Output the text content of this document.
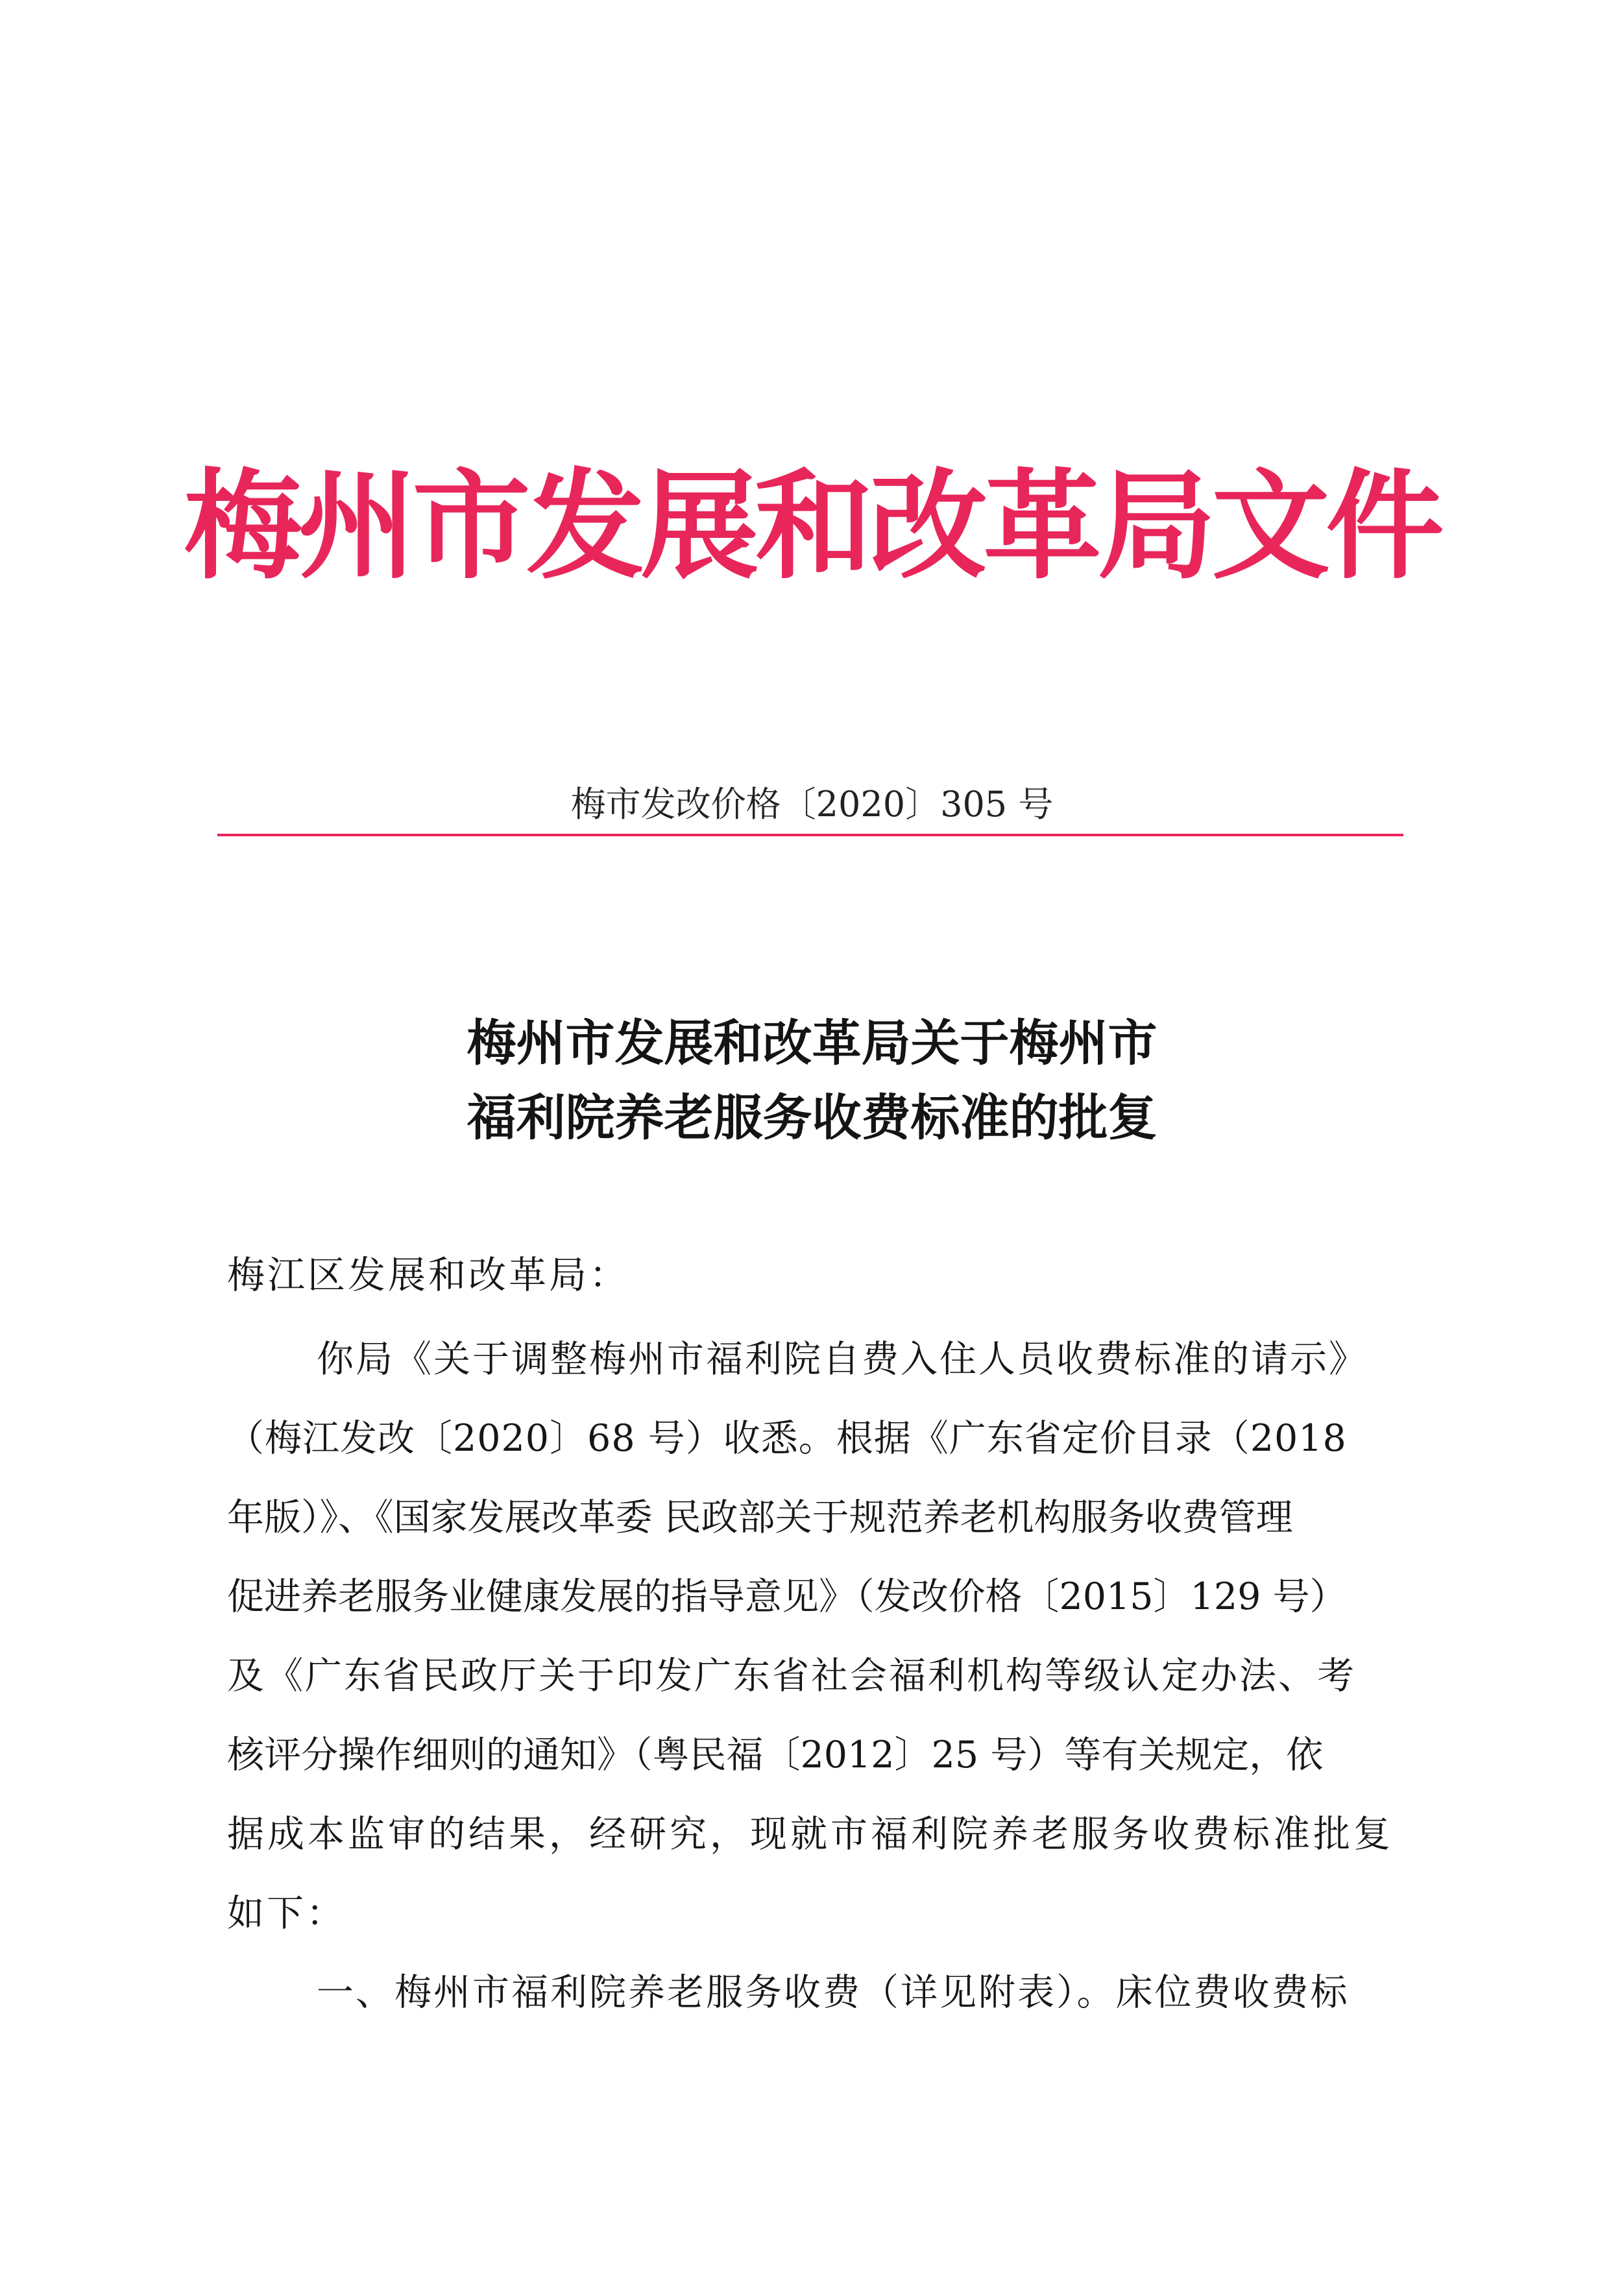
梅州市发展和改革局文件
梅市发改价格〔2020〕305 号
梅州市发展和改革局关于梅州市
福利院养老服务收费标准的批复
梅江区发展和改革局：
你局《关于调整梅州市福利院自费入住人员收费标准的请示》
（梅江发改〔2020〕68 号）收悉。根据《广东省定价目录（2018
年版）》、《国家发展改革委 民政部关于规范养老机构服务收费管理
促进养老服务业健康发展的指导意见》（发改价格〔2015〕129 号）
及《广东省民政厅关于印发广东省社会福利机构等级认定办法、考
核评分操作细则的通知》（粤民福〔2012〕25 号）等有关规定，依
据成本监审的结果，经研究，现就市福利院养老服务收费标准批复
如下：
一、梅州市福利院养老服务收费（详见附表）。床位费收费标
